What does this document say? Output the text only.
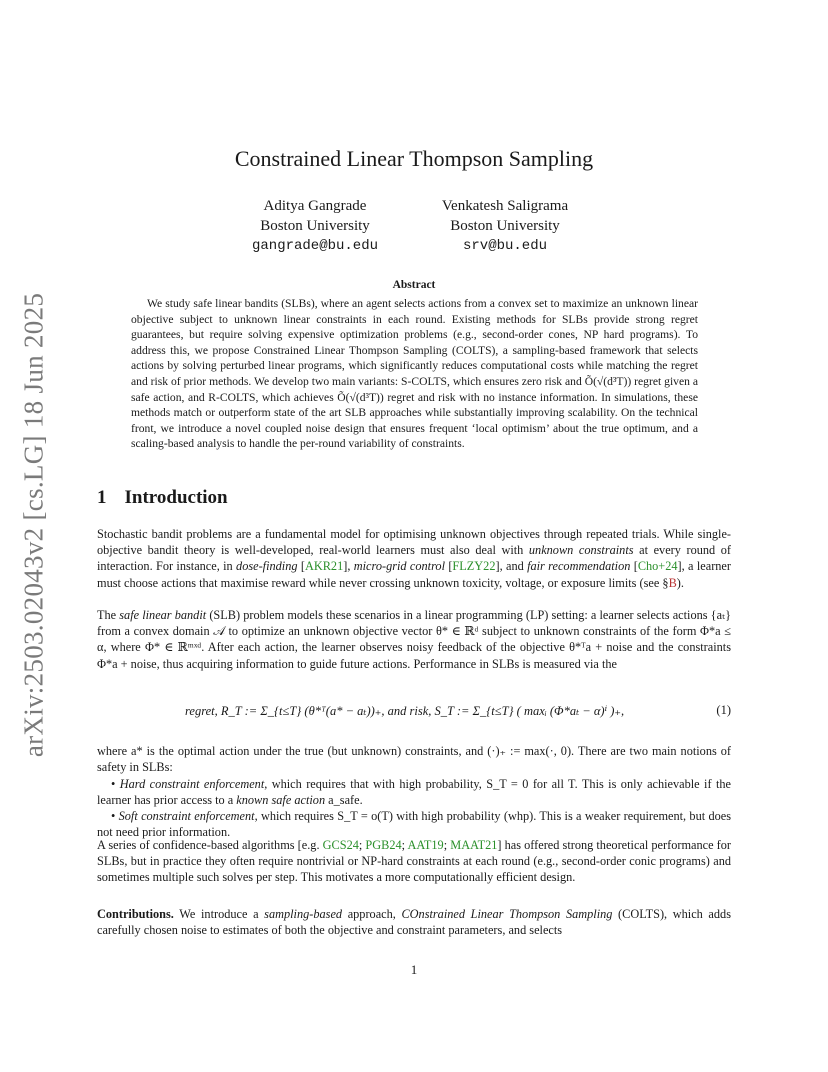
arXiv:2503.02043v2 [cs.LG] 18 Jun 2025
Constrained Linear Thompson Sampling
Aditya Gangrade
Boston University
gangrade@bu.edu
Venkatesh Saligrama
Boston University
srv@bu.edu
Abstract
We study safe linear bandits (SLBs), where an agent selects actions from a convex set to maximize an unknown linear objective subject to unknown linear constraints in each round. Existing methods for SLBs provide strong regret guarantees, but require solving expensive optimization problems (e.g., second-order cones, NP hard programs). To address this, we propose Constrained Linear Thompson Sampling (COLTS), a sampling-based framework that selects actions by solving perturbed linear programs, which significantly reduces computational costs while matching the regret and risk of prior methods. We develop two main variants: S-COLTS, which ensures zero risk and Õ(√(d³T)) regret given a safe action, and R-COLTS, which achieves Õ(√(d³T)) regret and risk with no instance information. In simulations, these methods match or outperform state of the art SLB approaches while substantially improving scalability. On the technical front, we introduce a novel coupled noise design that ensures frequent ‘local optimism’ about the true optimum, and a scaling-based analysis to handle the per-round variability of constraints.
1 Introduction
Stochastic bandit problems are a fundamental model for optimising unknown objectives through repeated trials. While single-objective bandit theory is well-developed, real-world learners must also deal with unknown constraints at every round of interaction. For instance, in dose-finding [AKR21], micro-grid control [FLZY22], and fair recommendation [Cho+24], a learner must choose actions that maximise reward while never crossing unknown toxicity, voltage, or exposure limits (see §B).
The safe linear bandit (SLB) problem models these scenarios in a linear programming (LP) setting: a learner selects actions {aₜ} from a convex domain 𝒜 to optimize an unknown objective vector θ* ∈ ℝᵈ subject to unknown constraints of the form Φ*a ≤ α, where Φ* ∈ ℝᵐˣᵈ. After each action, the learner observes noisy feedback of the objective θ*ᵀa + noise and the constraints Φ*a + noise, thus acquiring information to guide future actions. Performance in SLBs is measured via the
regret, R_T := Σ_{t≤T} (θ*ᵀ(a* − aₜ))₊, and risk, S_T := Σ_{t≤T} ( maxᵢ (Φ*aₜ − α)ⁱ )₊,	(1)
where a* is the optimal action under the true (but unknown) constraints, and (·)₊ := max(·, 0). There are two main notions of safety in SLBs:
• Hard constraint enforcement, which requires that with high probability, S_T = 0 for all T. This is only achievable if the learner has prior access to a known safe action a_safe.
• Soft constraint enforcement, which requires S_T = o(T) with high probability (whp). This is a weaker requirement, but does not need prior information.
A series of confidence-based algorithms [e.g. GCS24; PGB24; AAT19; MAAT21] has offered strong theoretical performance for SLBs, but in practice they often require nontrivial or NP-hard constraints at each round (e.g., second-order conic programs) and sometimes multiple such solves per step. This motivates a more computationally efficient design.
Contributions. We introduce a sampling-based approach, COnstrained Linear Thompson Sampling (COLTS), which adds carefully chosen noise to estimates of both the objective and constraint parameters, and selects
1
